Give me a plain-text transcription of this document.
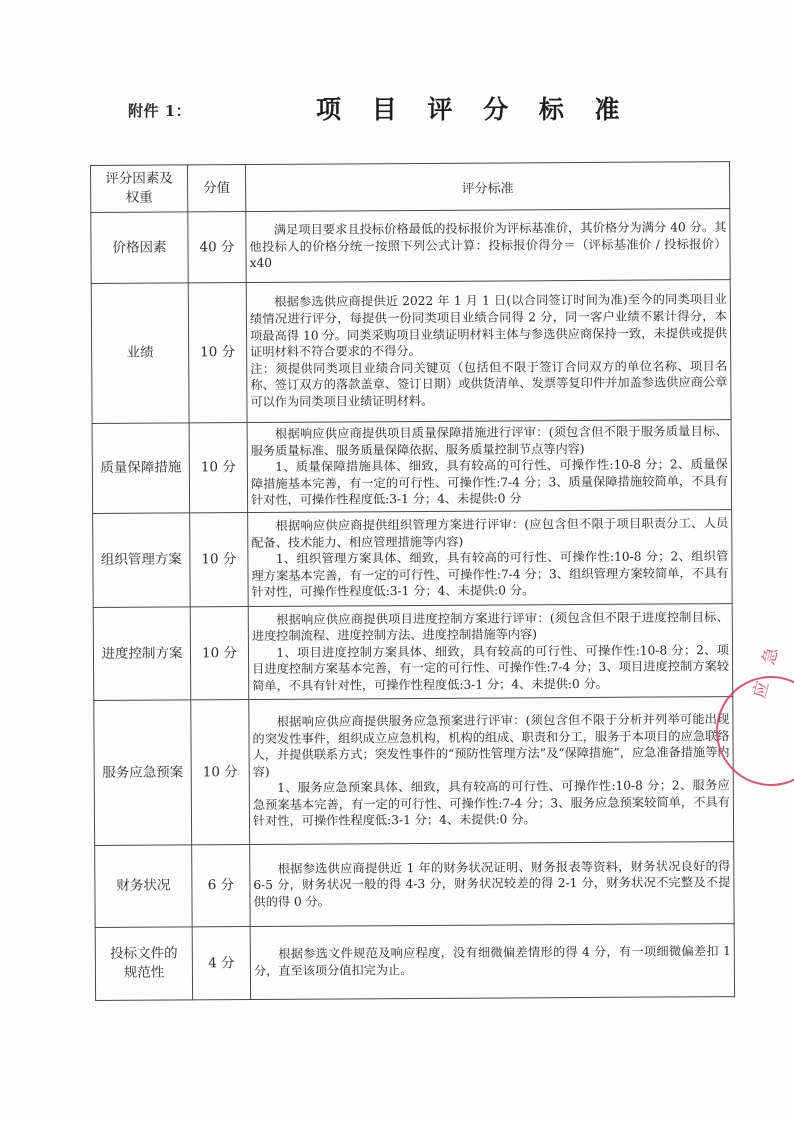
附件 1：	项 目 评 分 标 准
评分因素及
权重	分值	评分标准
价格因素	40 分	满足项目要求且投标价格最低的投标报价为评标基准价，其价格分为满分 40 分。其他投标人的价格分统一按照下列公式计算：投标报价得分＝（评标基准价 / 投标报价）x40

业绩	10 分	根据参选供应商提供近 2022 年 1 月 1 日(以合同签订时间为准)至今的同类项目业绩情况进行评分，每提供一份同类项目业绩合同得 2 分，同一客户业绩不累计得分，本项最高得 10 分。同类采购项目业绩证明材料主体与参选供应商保持一致，未提供或提供证明材料不符合要求的不得分。

注：须提供同类项目业绩合同关键页（包括但不限于签订合同双方的单位名称、项目名称、签订双方的落款盖章、签订日期）或供货清单、发票等复印件并加盖参选供应商公章可以作为同类项目业绩证明材料。

质量保障措施	10 分	根据响应供应商提供项目质量保障措施进行评审：(须包含但不限于服务质量目标、服务质量标准、服务质量保障依据、服务质量控制节点等内容)

1、质量保障措施具体、细致，具有较高的可行性、可操作性:10-8 分；2、质量保障措施基本完善，有一定的可行性、可操作性:7-4 分；3、质量保障措施较简单，不具有针对性，可操作性程度低:3-1 分；4、未提供:0 分

组织管理方案	10 分	根据响应供应商提供组织管理方案进行评审：(应包含但不限于项目职责分工、人员配备、技术能力、相应管理措施等内容)

1、组织管理方案具体、细致，具有较高的可行性、可操作性:10-8 分；2、组织管理方案基本完善，有一定的可行性、可操作性:7-4 分；3、组织管理方案较简单，不具有针对性，可操作性程度低:3-1 分；4、未提供:0 分。

进度控制方案	10 分	根据响应供应商提供项目进度控制方案进行评审：(须包含但不限于进度控制目标、进度控制流程、进度控制方法、进度控制措施等内容)

1、项目进度控制方案具体、细致，具有较高的可行性、可操作性:10-8 分；2、项目进度控制方案基本完善，有一定的可行性、可操作性:7-4 分；3、项目进度控制方案较简单，不具有针对性，可操作性程度低:3-1 分；4、未提供:0 分。

服务应急预案	10 分	根据响应供应商提供服务应急预案进行评审：(须包含但不限于分析并列举可能出现的突发性事件，组织成立应急机构，机构的组成、职责和分工，服务于本项目的应急联络人，并提供联系方式；突发性事件的“预防性管理方法”及“保障措施”，应急准备措施等内容)

1、服务应急预案具体、细致，具有较高的可行性、可操作性:10-8 分；2、服务应急预案基本完善，有一定的可行性、可操作性:7-4 分；3、服务应急预案较简单，不具有针对性，可操作性程度低:3-1 分；4、未提供:0 分。

财务状况	6 分	根据参选供应商提供近 1 年的财务状况证明、财务报表等资料，财务状况良好的得 6-5 分，财务状况一般的得 4-3 分，财务状况较差的得 2-1 分，财务状况不完整及不提供的得 0 分。

投标文件的
规范性	4 分	根据参选文件规范及响应程度，没有细微偏差情形的得 4 分，有一项细微偏差扣 1 分，直至该项分值扣完为止。

应急
